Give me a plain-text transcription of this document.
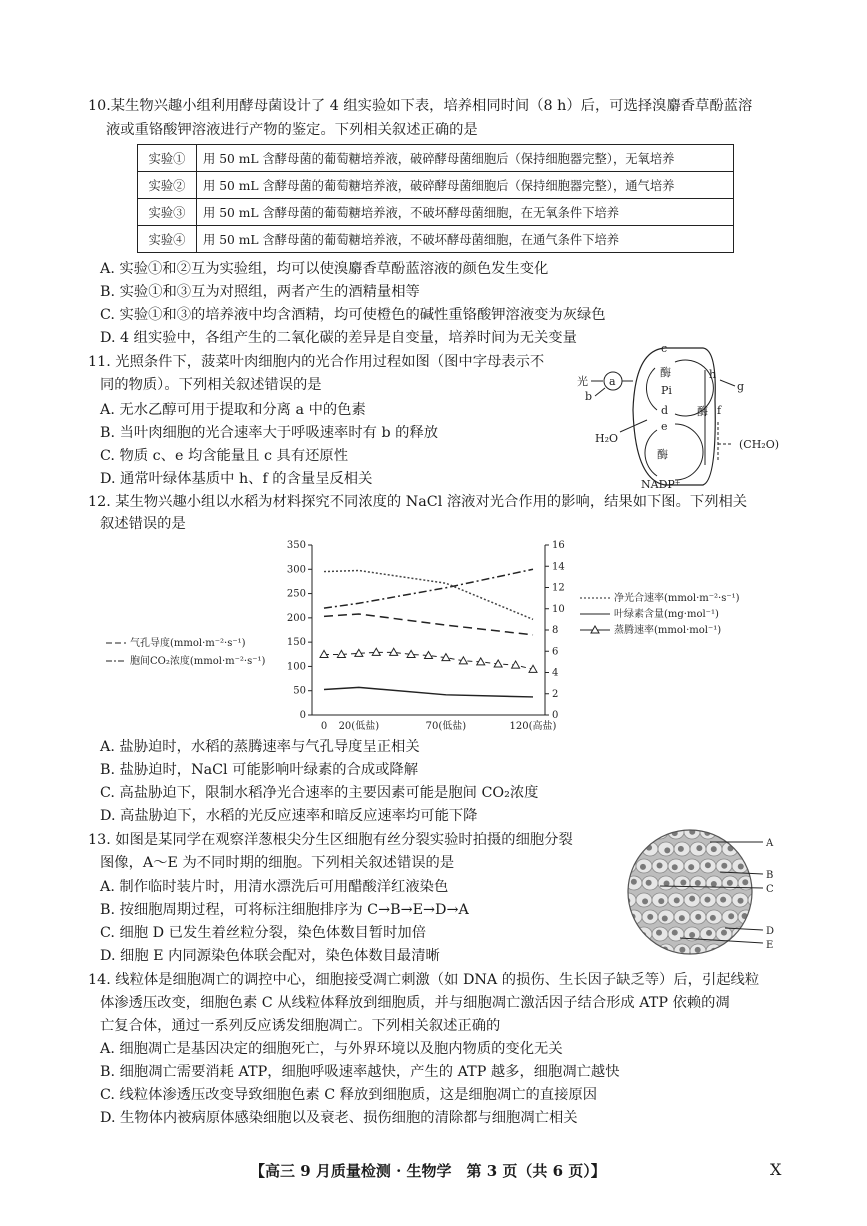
10.某生物兴趣小组利用酵母菌设计了 4 组实验如下表，培养相同时间（8 h）后，可选择溴麝香草酚蓝溶
液或重铬酸钾溶液进行产物的鉴定。下列相关叙述正确的是
实验①	用 50 mL 含酵母菌的葡萄糖培养液，破碎酵母菌细胞后（保持细胞器完整），无氧培养
实验②	用 50 mL 含酵母菌的葡萄糖培养液，破碎酵母菌细胞后（保持细胞器完整），通气培养
实验③	用 50 mL 含酵母菌的葡萄糖培养液，不破坏酵母菌细胞，在无氧条件下培养
实验④	用 50 mL 含酵母菌的葡萄糖培养液，不破坏酵母菌细胞，在通气条件下培养
A. 实验①和②互为实验组，均可以使溴麝香草酚蓝溶液的颜色发生变化
B. 实验①和③互为对照组，两者产生的酒精量相等
C. 实验①和③的培养液中均含酒精，均可使橙色的碱性重铬酸钾溶液变为灰绿色
D. 4 组实验中，各组产生的二氧化碳的差异是自变量，培养时间为无关变量
11. 光照条件下，菠菜叶肉细胞内的光合作用过程如图（图中字母表示不
同的物质）。下列相关叙述错误的是
A. 无水乙醇可用于提取和分离 a 中的色素
B. 当叶肉细胞的光合速率大于呼吸速率时有 b 的释放
C. 物质 c、e 均含能量且 c 具有还原性
D. 通常叶绿体基质中 h、f 的含量呈反相关
光 a
b
c
酶
Pi
d
e
酶
NADP⁺
H₂O
h
g
酶 f
(CH₂O)
12. 某生物兴趣小组以水稻为材料探究不同浓度的 NaCl 溶液对光合作用的影响，结果如下图。下列相关
叙述错误的是
0
50
100
150
200
250
300
350
0
2
4
6
8
10
12
14
16
0 20(低盐)	70(低盐)	120(高盐)
气孔导度(mmol·m⁻²·s⁻¹)
胞间CO₂浓度(mmol·m⁻²·s⁻¹)
净光合速率(mmol·m⁻²·s⁻¹)
叶绿素含量(mg·mol⁻¹)
蒸腾速率(mmol·mol⁻¹)
A. 盐胁迫时，水稻的蒸腾速率与气孔导度呈正相关
B. 盐胁迫时，NaCl 可能影响叶绿素的合成或降解
C. 高盐胁迫下，限制水稻净光合速率的主要因素可能是胞间 CO₂浓度
D. 高盐胁迫下，水稻的光反应速率和暗反应速率均可能下降
13. 如图是某同学在观察洋葱根尖分生区细胞有丝分裂实验时拍摄的细胞分裂
图像，A～E 为不同时期的细胞。下列相关叙述错误的是
A. 制作临时装片时，用清水漂洗后可用醋酸洋红液染色
B. 按细胞周期过程，可将标注细胞排序为 C→B→E→D→A
C. 细胞 D 已发生着丝粒分裂，染色体数目暂时加倍
D. 细胞 E 内同源染色体联会配对，染色体数目最清晰
A
B
C
D
E
14. 线粒体是细胞凋亡的调控中心，细胞接受凋亡刺激（如 DNA 的损伤、生长因子缺乏等）后，引起线粒
体渗透压改变，细胞色素 C 从线粒体释放到细胞质，并与细胞凋亡激活因子结合形成 ATP 依赖的凋
亡复合体，通过一系列反应诱发细胞凋亡。下列相关叙述正确的
A. 细胞凋亡是基因决定的细胞死亡，与外界环境以及胞内物质的变化无关
B. 细胞凋亡需要消耗 ATP，细胞呼吸速率越快，产生的 ATP 越多，细胞凋亡越快
C. 线粒体渗透压改变导致细胞色素 C 释放到细胞质，这是细胞凋亡的直接原因
D. 生物体内被病原体感染细胞以及衰老、损伤细胞的清除都与细胞凋亡相关
【高三 9 月质量检测 · 生物学　第 3 页（共 6 页）】	X
